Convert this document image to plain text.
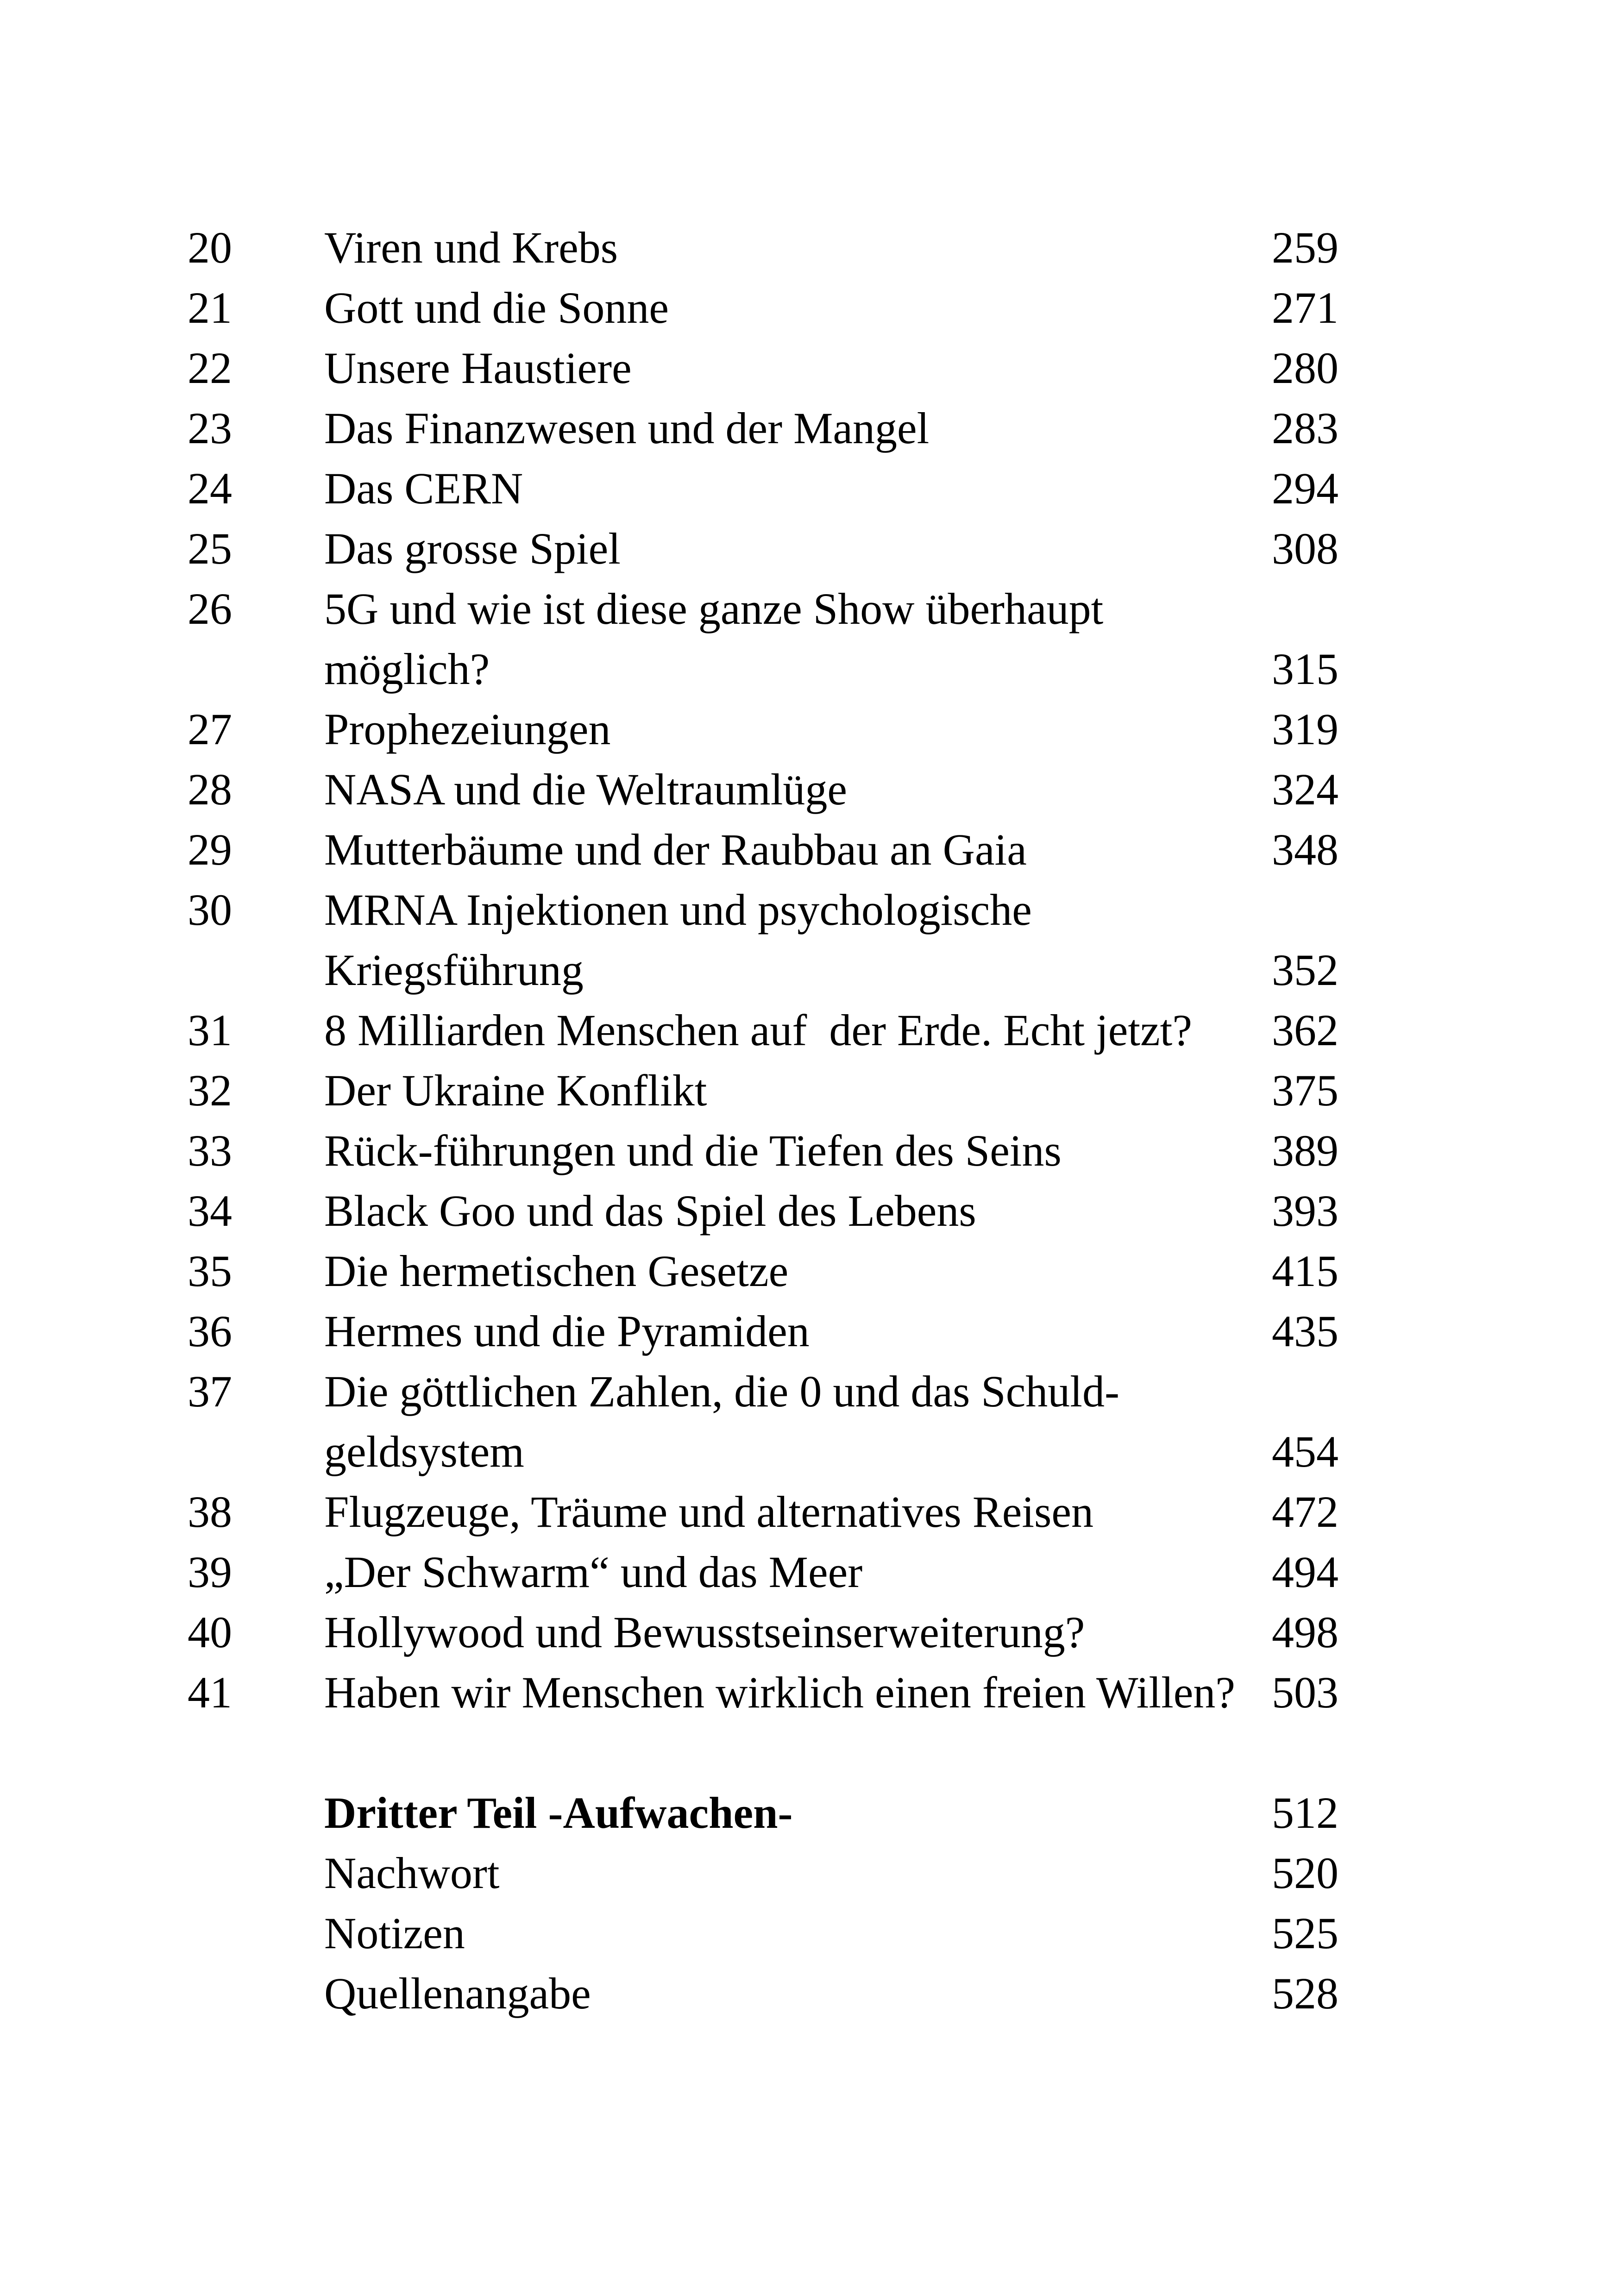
20	Viren und Krebs	259
21	Gott und die Sonne	271
22	Unsere Haustiere	280
23	Das Finanzwesen und der Mangel	283
24	Das CERN	294
25	Das grosse Spiel	308
26	5G und wie ist diese ganze Show überhaupt
möglich?	315
27	Prophezeiungen	319
28	NASA und die Weltraumlüge	324
29	Mutterbäume und der Raubbau an Gaia	348
30	MRNA Injektionen und psychologische
Kriegsführung	352
31	8 Milliarden Menschen auf  der Erde. Echt jetzt?	362
32	Der Ukraine Konflikt	375
33	Rück-führungen und die Tiefen des Seins	389
34	Black Goo und das Spiel des Lebens	393
35	Die hermetischen Gesetze	415
36	Hermes und die Pyramiden	435
37	Die göttlichen Zahlen, die 0 und das Schuld-
geldsystem	454
38	Flugzeuge, Träume und alternatives Reisen	472
39	„Der Schwarm“ und das Meer	494
40	Hollywood und Bewusstseinserweiterung?	498
41	Haben wir Menschen wirklich einen freien Willen? 503
Dritter Teil -Aufwachen-	512
Nachwort	520
Notizen	525
Quellenangabe	528
